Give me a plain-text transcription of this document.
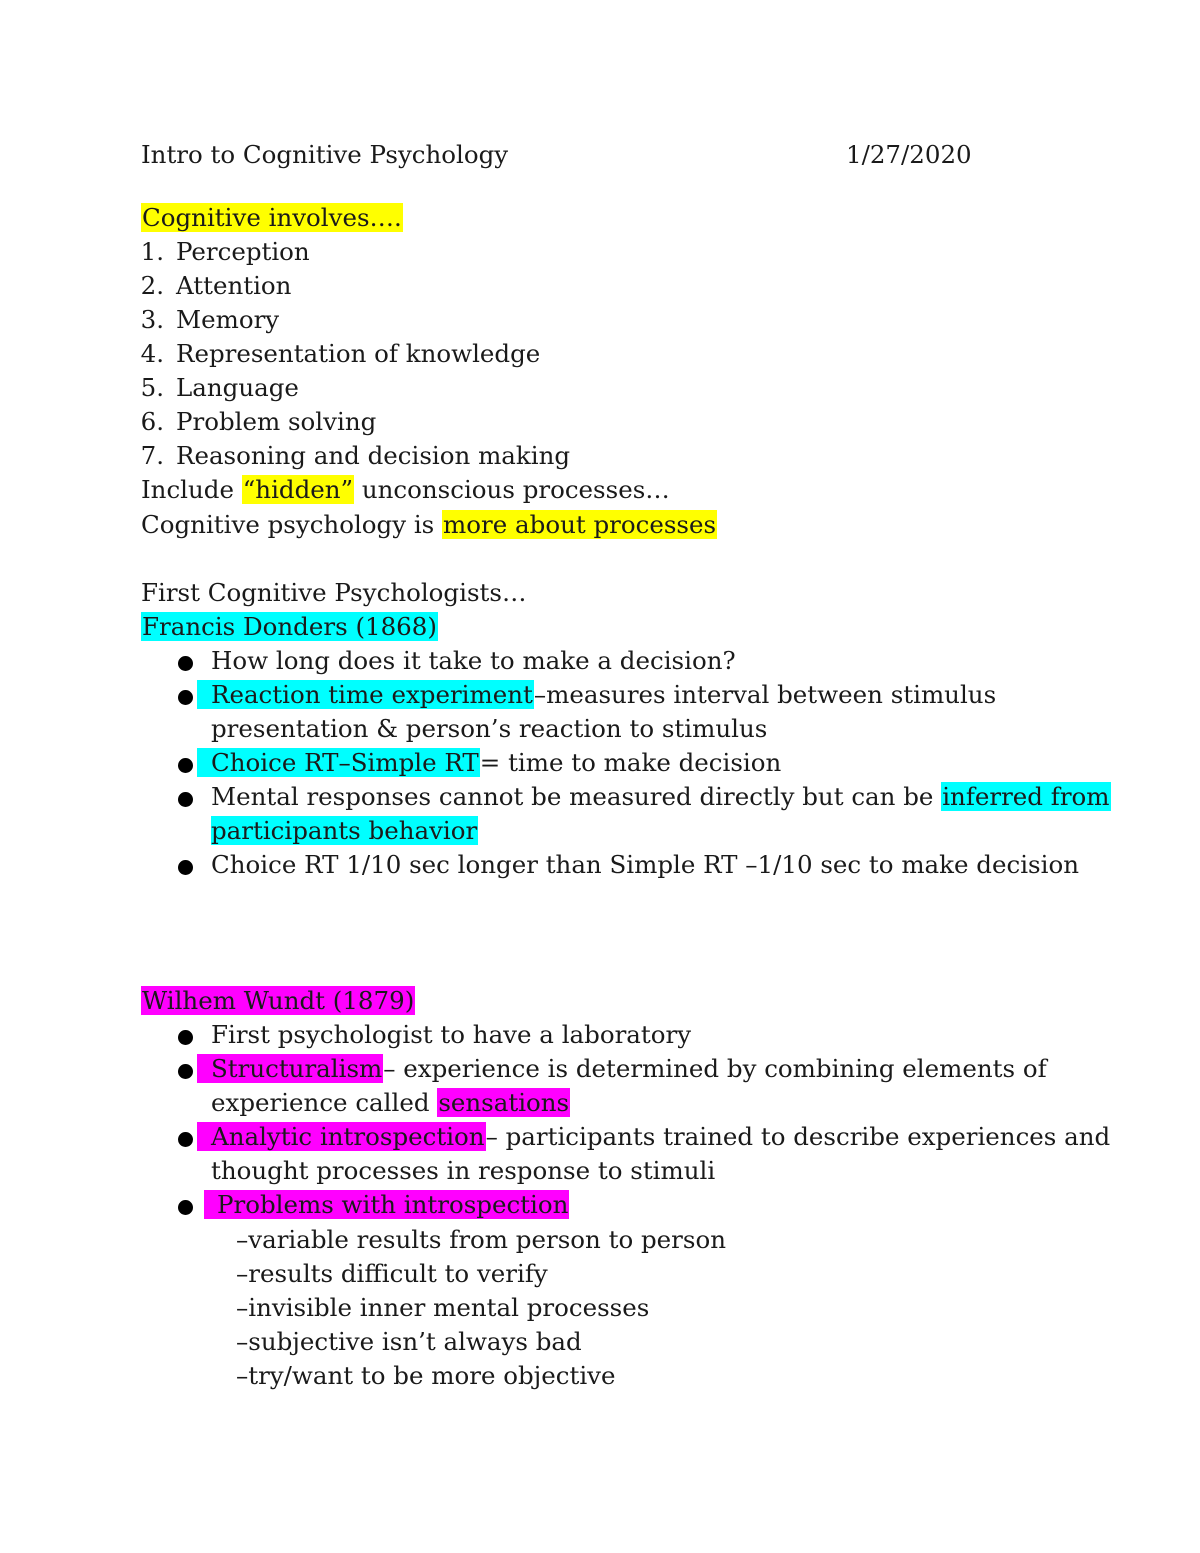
Intro to Cognitive Psychology	1/27/2020
Cognitive involves….
1. Perception
2. Attention
3. Memory
4. Representation of knowledge
5. Language
6. Problem solving
7. Reasoning and decision making
Include “hidden” unconscious processes…
Cognitive psychology is more about processes
First Cognitive Psychologists…
Francis Donders (1868)
How long does it take to make a decision?
Reaction time experiment–measures interval between stimulus
presentation & person’s reaction to stimulus
Choice RT–Simple RT= time to make decision
Mental responses cannot be measured directly but can be inferred from
participants behavior
Choice RT 1/10 sec longer than Simple RT –1/10 sec to make decision
Wilhem Wundt (1879)
First psychologist to have a laboratory
Structuralism– experience is determined by combining elements of
experience called sensations
Analytic introspection– participants trained to describe experiences and
thought processes in response to stimuli
Problems with introspection
–variable results from person to person
–results difficult to verify
–invisible inner mental processes
–subjective isn’t always bad
–try/want to be more objective
